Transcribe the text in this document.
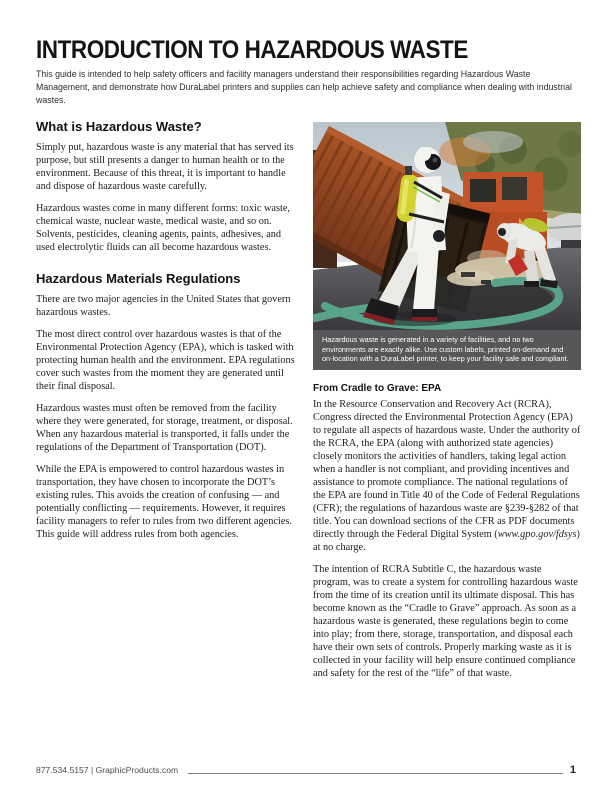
INTRODUCTION TO HAZARDOUS WASTE

This guide is intended to help safety officers and facility managers understand their responsibilities regarding Hazardous Waste Management, and demonstrate how DuraLabel printers and supplies can help achieve safety and compliance when dealing with industrial wastes.

What is Hazardous Waste?

Simply put, hazardous waste is any material that has served its purpose, but still presents a danger to human health or to the environment. Because of this threat, it is important to handle and dispose of hazardous waste carefully.

Hazardous wastes come in many different forms: toxic waste, chemical waste, nuclear waste, medical waste, and so on. Solvents, pesticides, cleaning agents, paints, adhesives, and used electrolytic fluids can all become hazardous wastes.

Hazardous Materials Regulations

There are two major agencies in the United States that govern hazardous wastes.

The most direct control over hazardous wastes is that of the Environmental Protection Agency (EPA), which is tasked with protecting human health and the environment. EPA regulations cover such wastes from the moment they are generated until their final disposal.

Hazardous wastes must often be removed from the facility where they were generated, for storage, treatment, or disposal. When any hazardous material is transported, it falls under the regulations of the Department of Transportation (DOT).

While the EPA is empowered to control hazardous wastes in transportation, they have chosen to incorporate the DOT’s existing rules. This avoids the creation of confusing — and potentially conflicting — requirements. However, it requires facility managers to refer to rules from two different agencies. This guide will address rules from both agencies.

Hazardous waste is generated in a variety of facilities, and no two environments are exactly alike. Use custom labels, printed on-demand and on-location with a DuraLabel printer, to keep your facility safe and compliant.
From Cradle to Grave: EPA

In the Resource Conservation and Recovery Act (RCRA), Congress directed the Environmental Protection Agency (EPA) to regulate all aspects of hazardous waste. Under the authority of the RCRA, the EPA (along with authorized state agencies) closely monitors the activities of handlers, taking legal action when a handler is not compliant, and providing incentives and assistance to promote compliance. The national regulations of the EPA are found in Title 40 of the Code of Federal Regulations (CFR); the regulations of hazardous waste are §239-§282 of that title. You can download sections of the CFR as PDF documents directly through the Federal Digital System (www.gpo.gov/fdsys) at no charge.

The intention of RCRA Subtitle C, the hazardous waste program, was to create a system for controlling hazardous waste from the time of its creation until its ultimate disposal. This has become known as the “Cradle to Grave” approach. As soon as a hazardous waste is generated, these regulations begin to come into play; from there, storage, transportation, and disposal each have their own sets of controls. Properly marking waste as it is collected in your facility will help ensure continued compliance and safety for the rest of the “life” of that waste.

877.534.5157 | GraphicProducts.com	1
